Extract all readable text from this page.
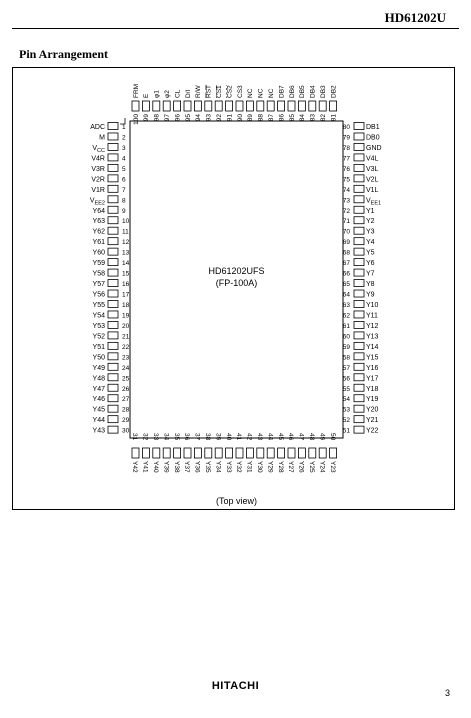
HD61202U
Pin Arrangement
HD61202UFS
(FP-100A)
(Top view)
1
ADC
2
M
3
$V_{CC}$
4
V4R
5
V3R
6
V2R
7
V1R
8
$V_{EE2}$
9
Y64
10
Y63
11
Y62
12
Y61
13
Y60
14
Y59
15
Y58
16
Y57
17
Y56
18
Y55
19
Y54
20
Y53
21
Y52
22
Y51
23
Y50
24
Y49
25
Y48
26
Y47
27
Y46
28
Y45
29
Y44
30
Y43
80 DB1
79 DB0
78 GND
77 V4L
76 V3L
75 V2L
74 V1L
73 $V_{EE1}$
72 Y1
71 Y2
70 Y3
69 Y4
68 Y5
67 Y6
66 Y7
65 Y8
64 Y9
63 Y10
62 Y11
61 Y12
60 Y13
59 Y14
58 Y15
57 Y16
56 Y17
55 Y18
54 Y19
53 Y20
52 Y21
51 Y22
100
FRM
99
E
98
φ1
97
φ2
96
CL
95
D/I
94
R/W
93
RST
92
CS1
91
CS2
90
CS3
89
NC
88
NC
87
NC
86
DB7
85
DB6
84
DB5
83
DB4
82
DB3
81
DB2
31
Y42
32
Y41
33
Y40
34
Y39
35
Y38
36
Y37
37
Y36
38
Y35
39
Y34
40
Y33
41
Y32
42
Y31
43
Y30
44
Y29
45
Y28
46
Y27
47
Y26
48
Y25
49
Y24
50
Y23
HITACHI
3
